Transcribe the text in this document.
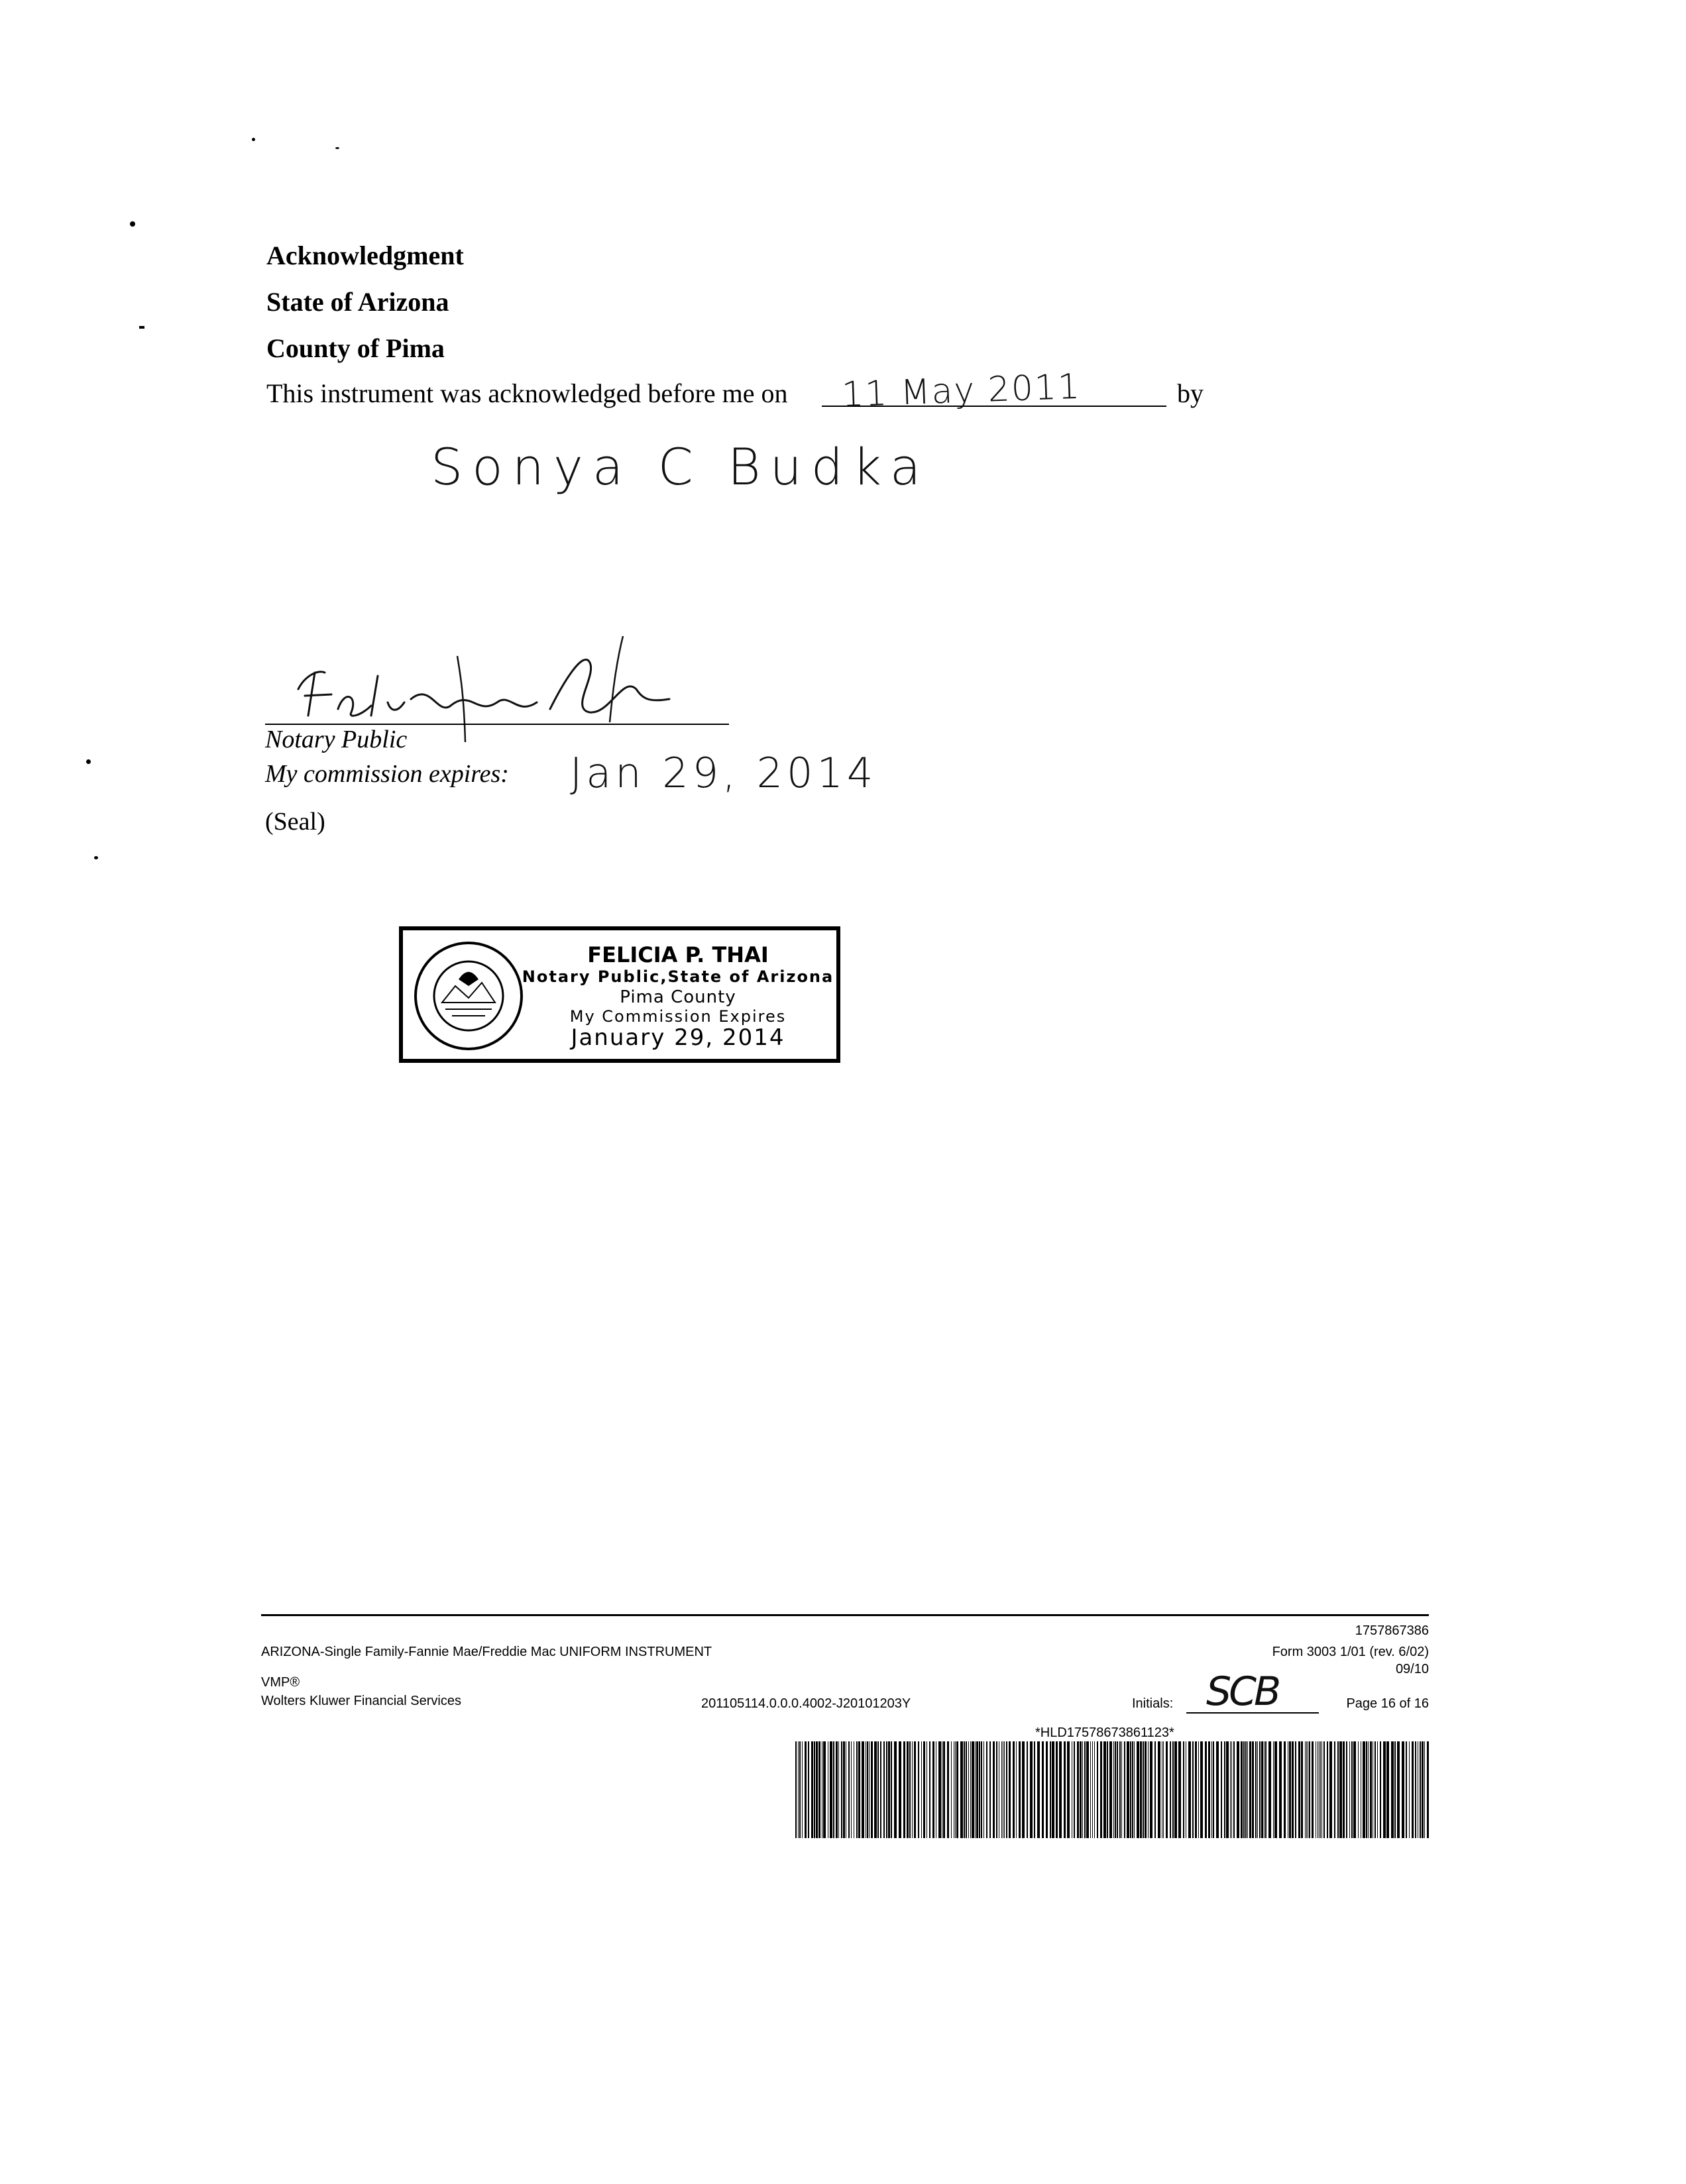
Acknowledgment
State of Arizona
County of Pima
This instrument was acknowledged before me on 11 May 2011	by
Sonya C Budka
Notary Public
My commission expires: Jan 29, 2014
(Seal)
FELICIA P. THAI
Notary Public,State of Arizona
Pima County
My Commission Expires
January 29, 2014
1757867386
ARIZONA-Single Family-Fannie Mae/Freddie Mac UNIFORM INSTRUMENT	Form 3003 1/01 (rev. 6/02)
09/10
VMP®
Wolters Kluwer Financial Services	201105114.0.0.0.4002-J20101203Y	Initials: SCB	Page 16 of 16
*HLD17578673861123*
